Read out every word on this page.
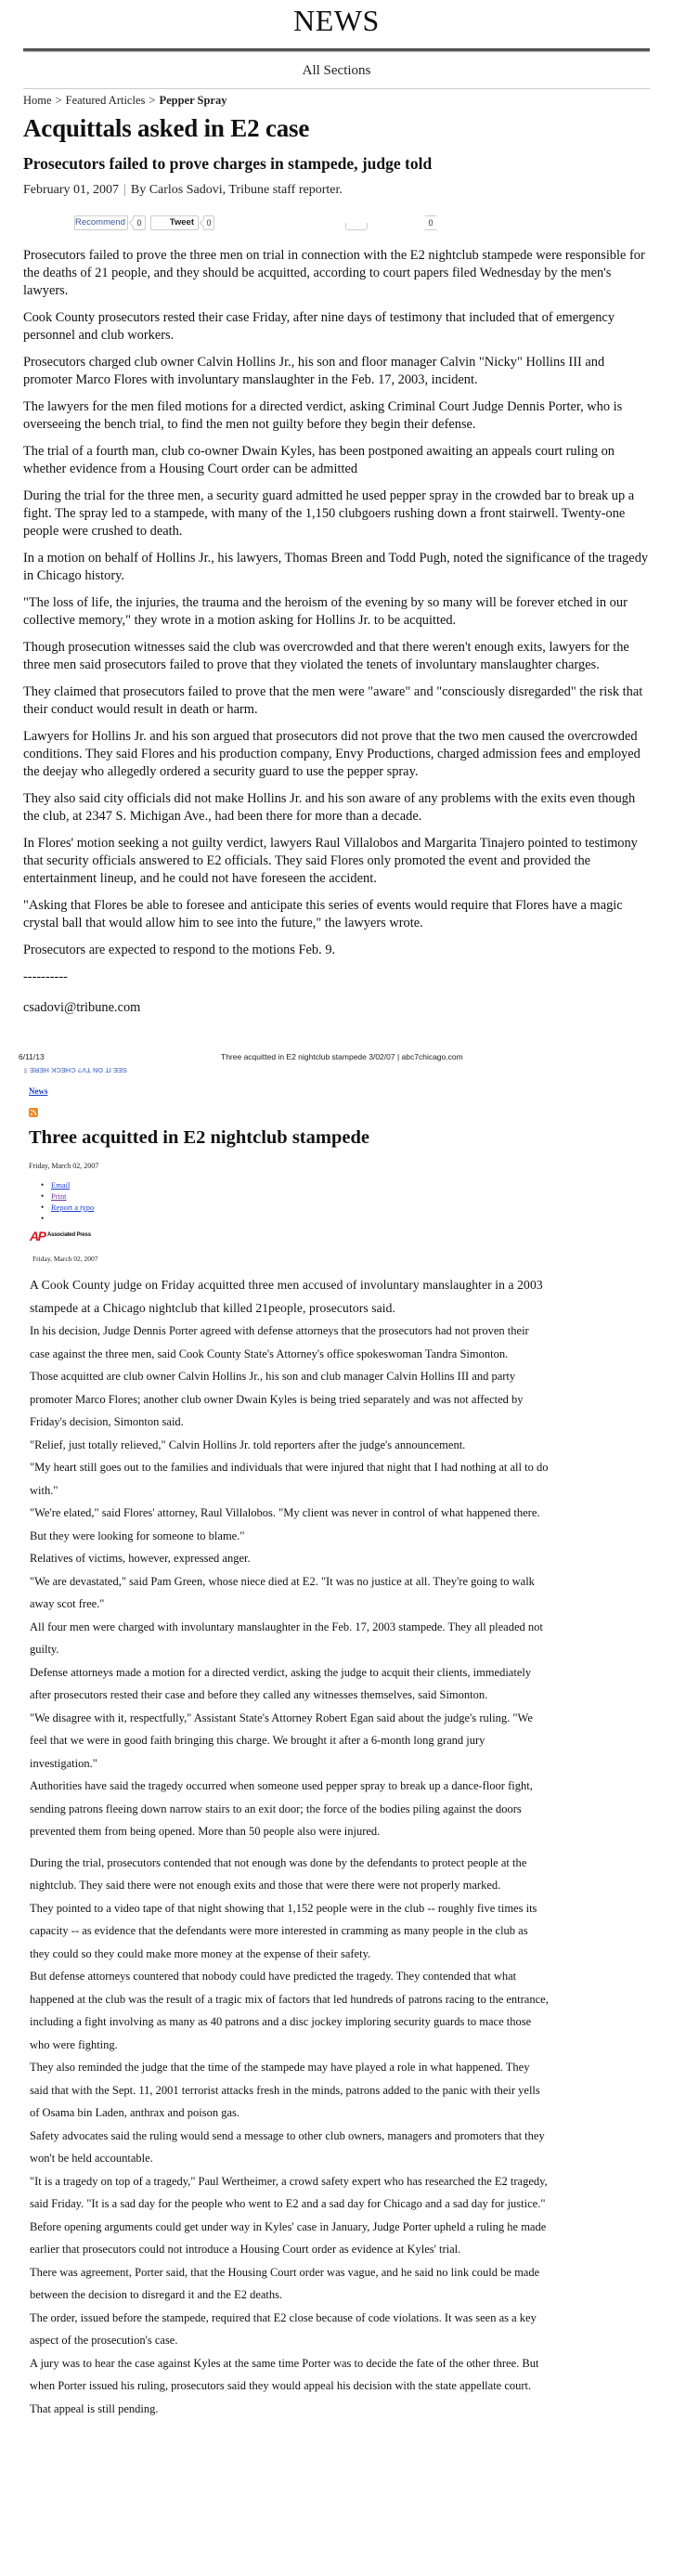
NEWS
All Sections
Home > Featured Articles > Pepper Spray
Acquittals asked in E2 case
Prosecutors failed to prove charges in stampede, judge told
February 01, 2007 | By Carlos Sadovi, Tribune staff reporter.
Recommend	0	Tweet	0	0

Prosecutors failed to prove the three men on trial in connection with the E2 nightclub stampede were responsible for the deaths of 21 people, and they should be acquitted, according to court papers filed Wednesday by the men's lawyers.

Cook County prosecutors rested their case Friday, after nine days of testimony that included that of emergency personnel and club workers.

Prosecutors charged club owner Calvin Hollins Jr., his son and floor manager Calvin "Nicky" Hollins III and promoter Marco Flores with involuntary manslaughter in the Feb. 17, 2003, incident.

The lawyers for the men filed motions for a directed verdict, asking Criminal Court Judge Dennis Porter, who is overseeing the bench trial, to find the men not guilty before they begin their defense.

The trial of a fourth man, club co-owner Dwain Kyles, has been postponed awaiting an appeals court ruling on whether evidence from a Housing Court order can be admitted

During the trial for the three men, a security guard admitted he used pepper spray in the crowded bar to break up a fight. The spray led to a stampede, with many of the 1,150 clubgoers rushing down a front stairwell. Twenty-one people were crushed to death.

In a motion on behalf of Hollins Jr., his lawyers, Thomas Breen and Todd Pugh, noted the significance of the tragedy in Chicago history.

"The loss of life, the injuries, the trauma and the heroism of the evening by so many will be forever etched in our collective memory," they wrote in a motion asking for Hollins Jr. to be acquitted.

Though prosecution witnesses said the club was overcrowded and that there weren't enough exits, lawyers for the three men said prosecutors failed to prove that they violated the tenets of involuntary manslaughter charges.

They claimed that prosecutors failed to prove that the men were "aware" and "consciously disregarded" the risk that their conduct would result in death or harm.

Lawyers for Hollins Jr. and his son argued that prosecutors did not prove that the two men caused the overcrowded conditions. They said Flores and his production company, Envy Productions, charged admission fees and employed the deejay who allegedly ordered a security guard to use the pepper spray.

They also said city officials did not make Hollins Jr. and his son aware of any problems with the exits even though the club, at 2347 S. Michigan Ave., had been there for more than a decade.

In Flores' motion seeking a not guilty verdict, lawyers Raul Villalobos and Margarita Tinajero pointed to testimony that security officials answered to E2 officials. They said Flores only promoted the event and provided the entertainment lineup, and he could not have foreseen the accident.

"Asking that Flores be able to foresee and anticipate this series of events would require that Flores have a magic crystal ball that would allow him to see into the future," the lawyers wrote.

Prosecutors are expected to respond to the motions Feb. 9.

----------

csadovi@tribune.com

6/11/13	Three acquitted in E2 nightclub stampede 3/02/07 | abc7chicago.com
SEE IT ON TV? CHECK HERE
News
Three acquitted in E2 nightclub stampede
Friday, March 02, 2007
• Email
• Print
• Report a typo
•
AP Associated Press
Friday, March 02, 2007

A Cook County judge on Friday acquitted three men accused of involuntary manslaughter in a 2003 stampede at a Chicago nightclub that killed 21people, prosecutors said.

In his decision, Judge Dennis Porter agreed with defense attorneys that the prosecutors had not proven their case against the three men, said Cook County State's Attorney's office spokeswoman Tandra Simonton.

Those acquitted are club owner Calvin Hollins Jr., his son and club manager Calvin Hollins III and party promoter Marco Flores; another club owner Dwain Kyles is being tried separately and was not affected by Friday's decision, Simonton said.

"Relief, just totally relieved," Calvin Hollins Jr. told reporters after the judge's announcement.

"My heart still goes out to the families and individuals that were injured that night that I had nothing at all to do with."

"We're elated," said Flores' attorney, Raul Villalobos. "My client was never in control of what happened there. But they were looking for someone to blame."

Relatives of victims, however, expressed anger.

"We are devastated," said Pam Green, whose niece died at E2. "It was no justice at all. They're going to walk away scot free."

All four men were charged with involuntary manslaughter in the Feb. 17, 2003 stampede. They all pleaded not guilty.

Defense attorneys made a motion for a directed verdict, asking the judge to acquit their clients, immediately after prosecutors rested their case and before they called any witnesses themselves, said Simonton.

"We disagree with it, respectfully," Assistant State's Attorney Robert Egan said about the judge's ruling. "We feel that we were in good faith bringing this charge. We brought it after a 6-month long grand jury investigation."

Authorities have said the tragedy occurred when someone used pepper spray to break up a dance-floor fight, sending patrons fleeing down narrow stairs to an exit door; the force of the bodies piling against the doors prevented them from being opened. More than 50 people also were injured.

During the trial, prosecutors contended that not enough was done by the defendants to protect people at the nightclub. They said there were not enough exits and those that were there were not properly marked.

They pointed to a video tape of that night showing that 1,152 people were in the club -- roughly five times its capacity -- as evidence that the defendants were more interested in cramming as many people in the club as they could so they could make more money at the expense of their safety.

But defense attorneys countered that nobody could have predicted the tragedy. They contended that what happened at the club was the result of a tragic mix of factors that led hundreds of patrons racing to the entrance, including a fight involving as many as 40 patrons and a disc jockey imploring security guards to mace those who were fighting.

They also reminded the judge that the time of the stampede may have played a role in what happened. They said that with the Sept. 11, 2001 terrorist attacks fresh in the minds, patrons added to the panic with their yells of Osama bin Laden, anthrax and poison gas.

Safety advocates said the ruling would send a message to other club owners, managers and promoters that they won't be held accountable.

"It is a tragedy on top of a tragedy," Paul Wertheimer, a crowd safety expert who has researched the E2 tragedy, said Friday. "It is a sad day for the people who went to E2 and a sad day for Chicago and a sad day for justice."

Before opening arguments could get under way in Kyles' case in January, Judge Porter upheld a ruling he made earlier that prosecutors could not introduce a Housing Court order as evidence at Kyles' trial.

There was agreement, Porter said, that the Housing Court order was vague, and he said no link could be made between the decision to disregard it and the E2 deaths.

The order, issued before the stampede, required that E2 close because of code violations. It was seen as a key aspect of the prosecution's case.

A jury was to hear the case against Kyles at the same time Porter was to decide the fate of the other three. But when Porter issued his ruling, prosecutors said they would appeal his decision with the state appellate court. That appeal is still pending.
